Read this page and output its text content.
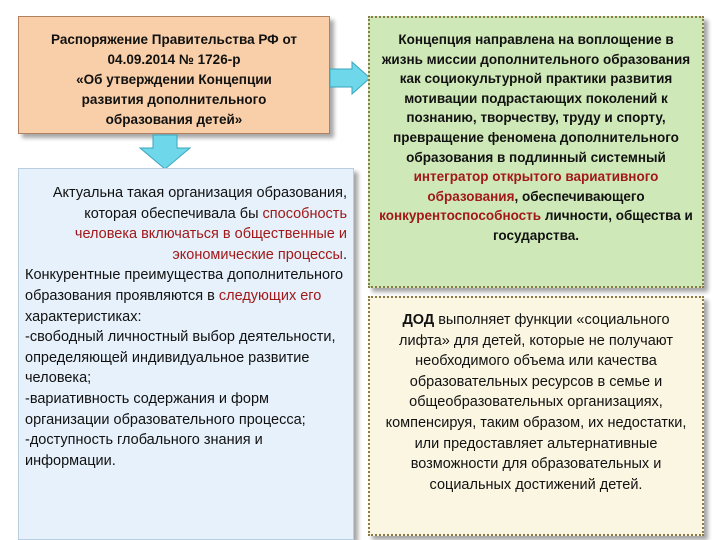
Распоряжение Правительства РФ от
04.09.2014 № 1726-р
«Об утверждении Концепции
развития дополнительного
образования детей»
Концепция направлена на воплощение в жизнь миссии дополнительного образования как социокультурной практики развития мотивации подрастающих поколений к познанию, творчеству, труду и спорту, превращение феномена дополнительного образования в подлинный системный интегратор открытого вариативного образования, обеспечивающего конкурентоспособность личности, общества и государства.
Актуальна такая организация образования, которая обеспечивала бы способность человека включаться в общественные и экономические процессы.
Конкурентные преимущества дополнительного образования проявляются в следующих его характеристиках:
-свободный личностный выбор деятельности, определяющей индивидуальное развитие человека;
-вариативность содержания и форм организации образовательного процесса;
-доступность глобального знания и информации.
ДОД выполняет функции «социального лифта» для детей, которые не получают необходимого объема или качества образовательных ресурсов в семье и общеобразовательных организациях, компенсируя, таким образом, их недостатки, или предоставляет альтернативные возможности для образовательных и социальных достижений детей.
